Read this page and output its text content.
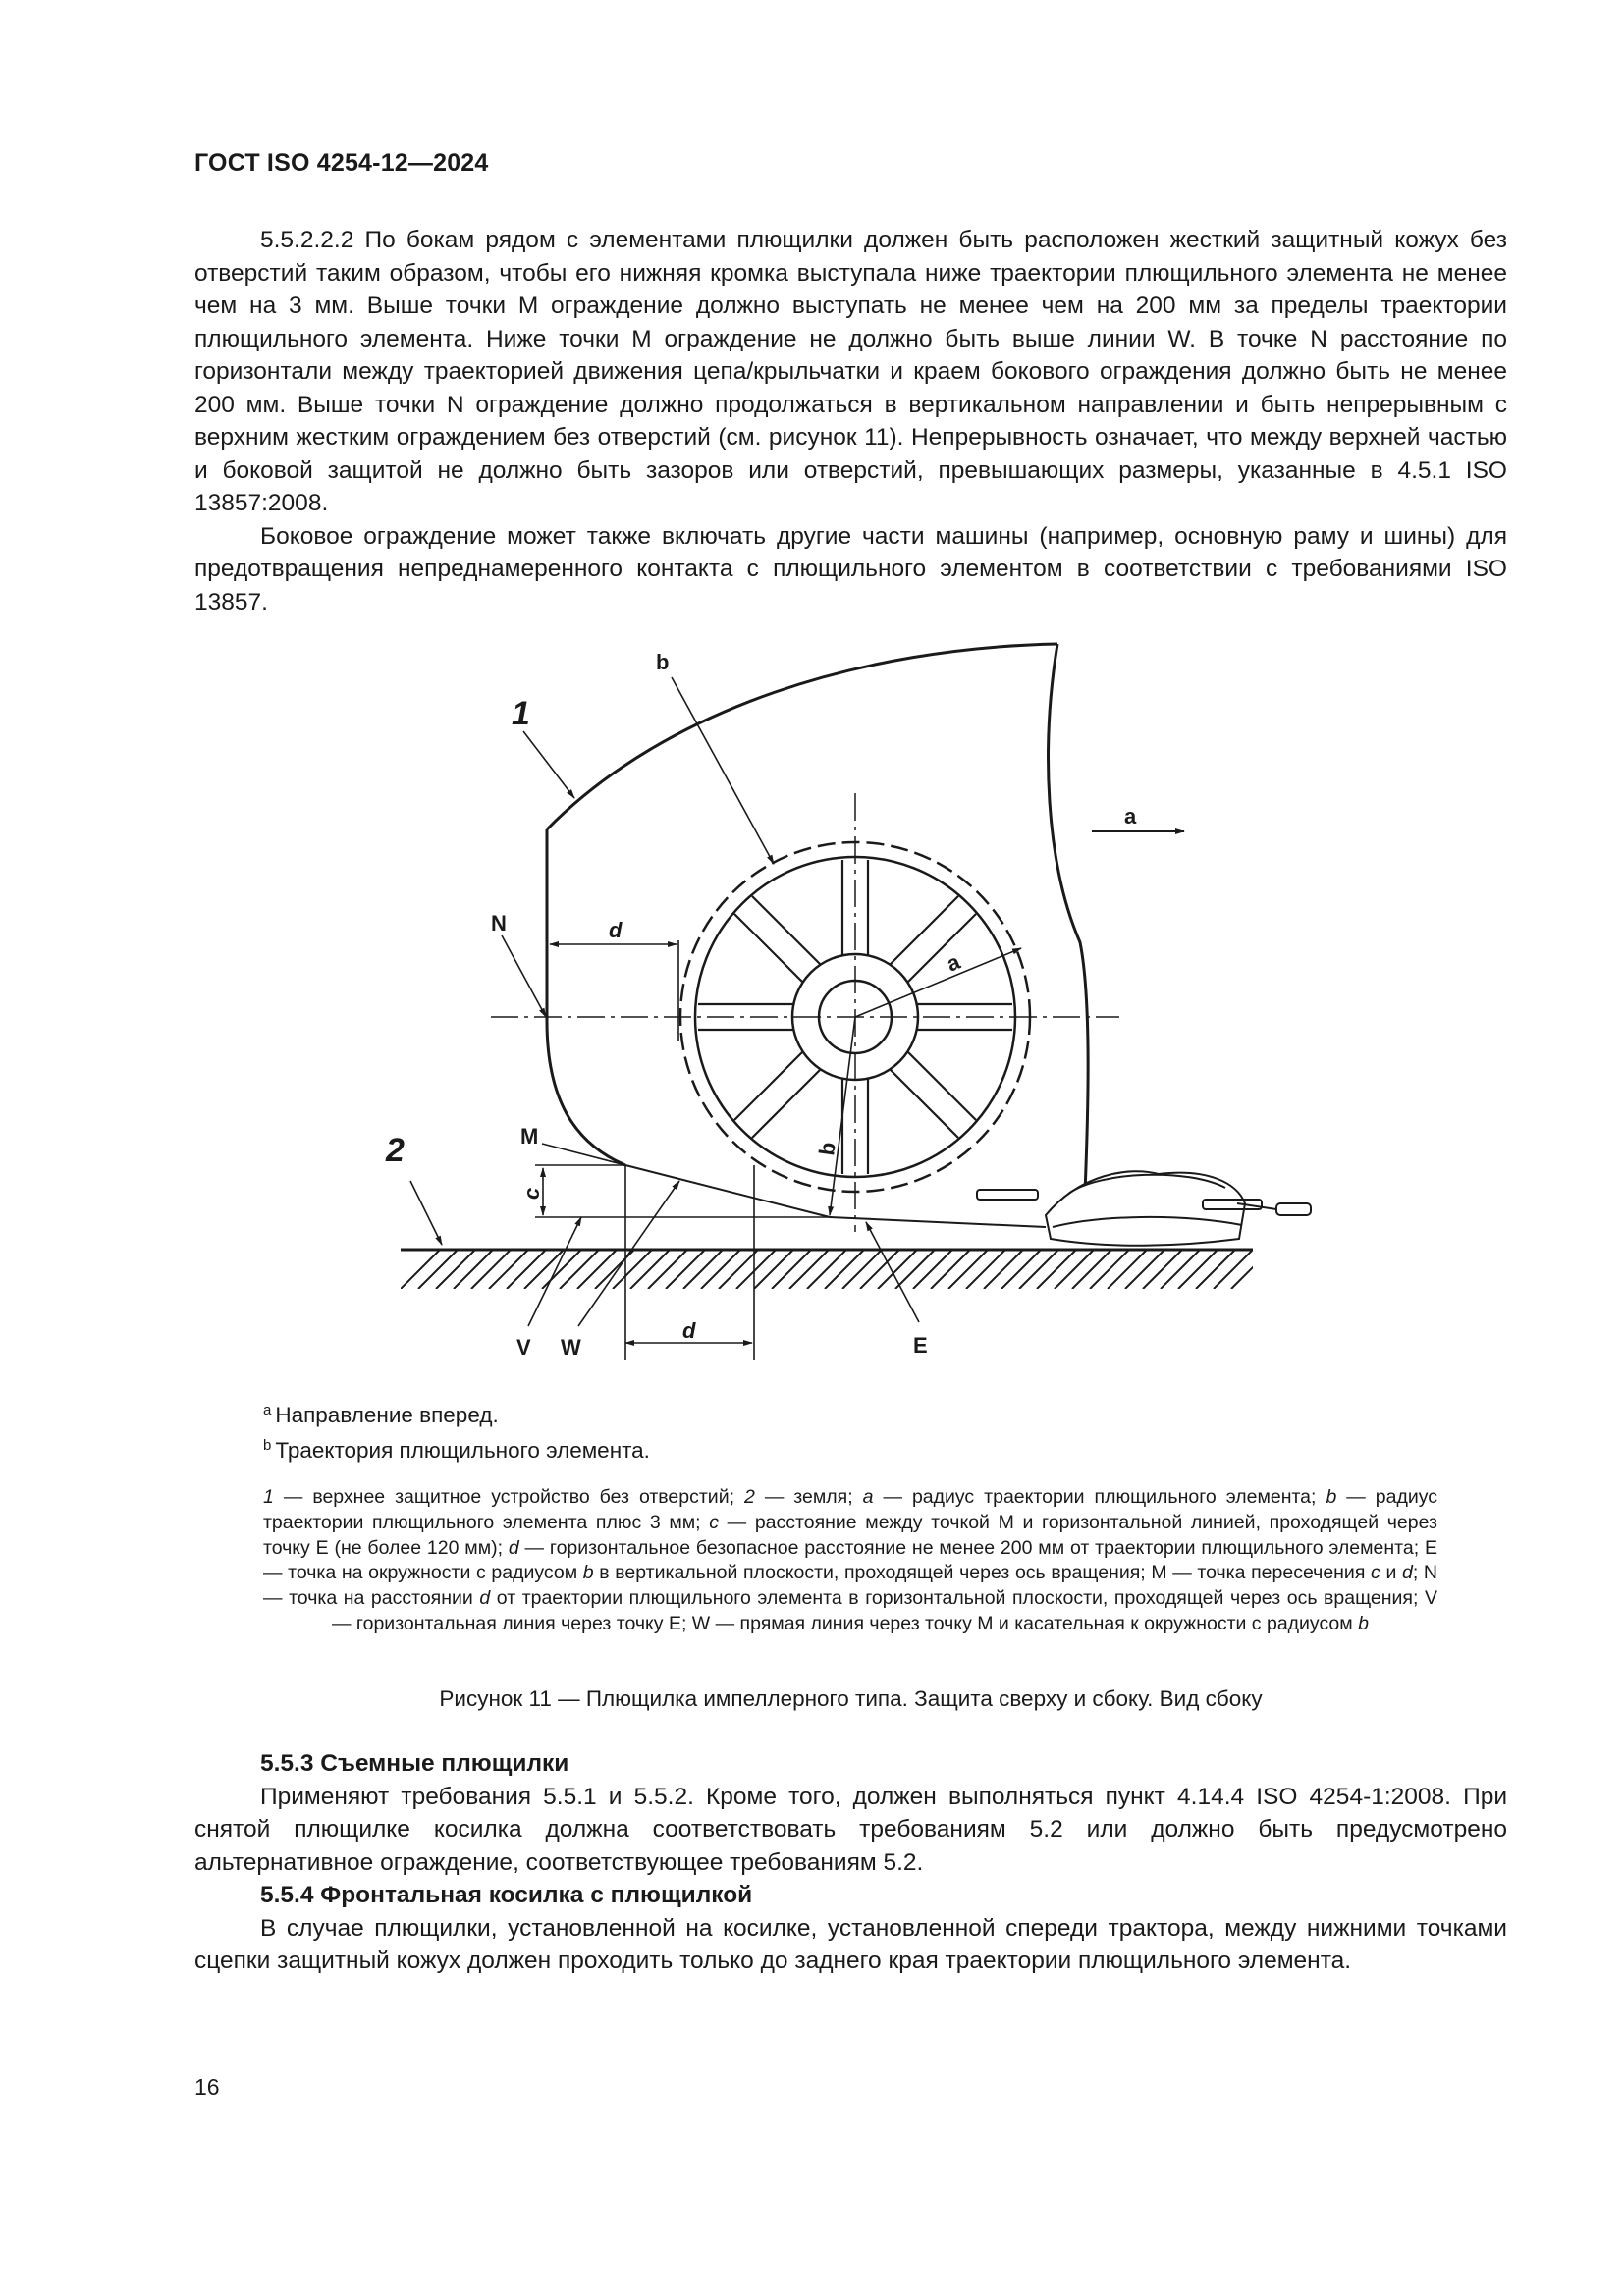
ГОСТ ISO 4254-12—2024

5.5.2.2.2 По бокам рядом с элементами плющилки должен быть расположен жесткий защитный кожух без отверстий таким образом, чтобы его нижняя кромка выступала ниже траектории плющильного элемента не менее чем на 3 мм. Выше точки M ограждение должно выступать не менее чем на 200 мм за пределы траектории плющильного элемента. Ниже точки M ограждение не должно быть выше линии W. В точке N расстояние по горизонтали между траекторией движения цепа/крыльчатки и краем бокового ограждения должно быть не менее 200 мм. Выше точки N ограждение должно продолжаться в вертикальном направлении и быть непрерывным с верхним жестким ограждением без отверстий (см. рисунок 11). Непрерывность означает, что между верхней частью и боковой защитой не должно быть зазоров или отверстий, превышающих размеры, указанные в 4.5.1 ISO 13857:2008.

Боковое ограждение может также включать другие части машины (например, основную раму и шины) для предотвращения непреднамеренного контакта с плющильного элементом в соответствии с требованиями ISO 13857.

1
2
b
a
a
b
N
M
c
d
d
V W	E
$^a$ Направление вперед.
$^b$ Траектория плющильного элемента.
1 — верхнее защитное устройство без отверстий; 2 — земля; a — радиус траектории плющильного элемента; b — радиус траектории плющильного элемента плюс 3 мм; c — расстояние между точкой M и горизонтальной линией, проходящей через точку E (не более 120 мм); d — горизонтальное безопасное расстояние не менее 200 мм от траектории плющильного элемента; E — точка на окружности с радиусом b в вертикальной плоскости, проходящей через ось вращения; M — точка пересечения c и d; N — точка на расстоянии d от траектории плющильного элемента в горизонтальной плоскости, проходящей через ось вращения; V — горизонтальная линия через точку E; W — прямая линия через точку M и касательная к окружности с радиусом b
Рисунок 11 — Плющилка импеллерного типа. Защита сверху и сбоку. Вид сбоку
5.5.3 Съемные плющилки

Применяют требования 5.5.1 и 5.5.2. Кроме того, должен выполняться пункт 4.14.4 ISO 4254-1:2008. При снятой плющилке косилка должна соответствовать требованиям 5.2 или должно быть предусмотрено альтернативное ограждение, соответствующее требованиям 5.2.

5.5.4 Фронтальная косилка с плющилкой

В случае плющилки, установленной на косилке, установленной спереди трактора, между нижними точками сцепки защитный кожух должен проходить только до заднего края траектории плющильного элемента.

16
